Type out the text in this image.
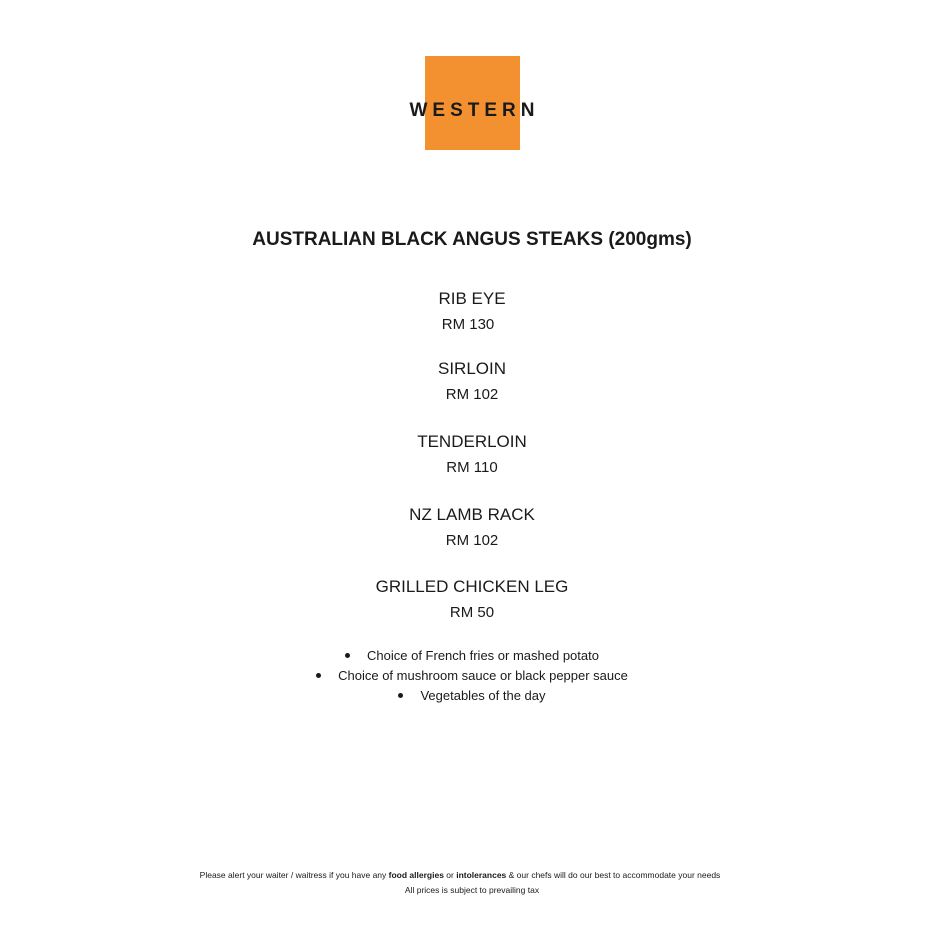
WESTERN
AUSTRALIAN BLACK ANGUS STEAKS (200gms)
RIB EYE
RM 130
SIRLOIN
RM 102
TENDERLOIN
RM 110
NZ LAMB RACK
RM 102
GRILLED CHICKEN LEG
RM 50
Choice of French fries or mashed potato
Choice of mushroom sauce or black pepper sauce
Vegetables of the day
Please alert your waiter / waitress if you have any food allergies or intolerances & our chefs will do our best to accommodate your needs
All prices is subject to prevailing tax
